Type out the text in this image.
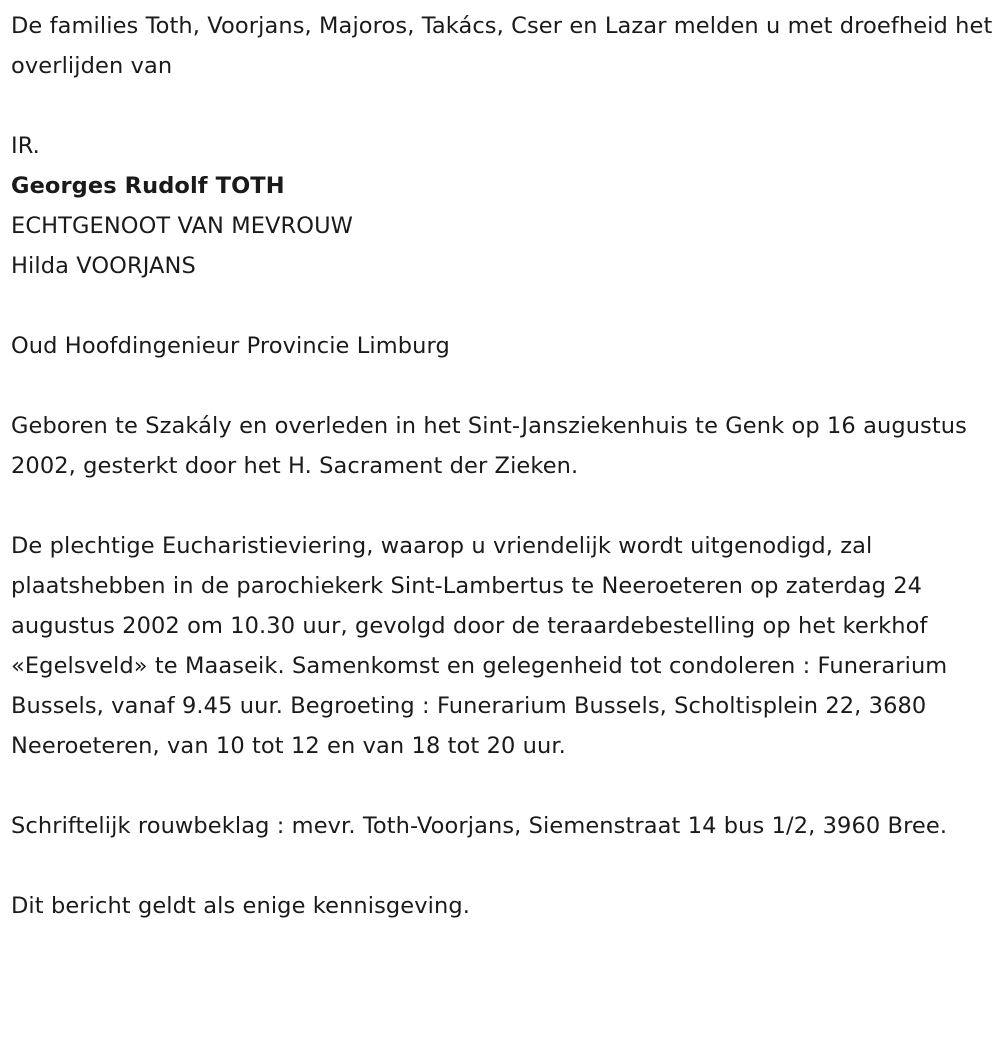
De families Toth, Voorjans, Majoros, Takács, Cser en Lazar melden u met droefheid het overlijden van

IR.

Georges Rudolf TOTH

ECHTGENOOT VAN MEVROUW

Hilda VOORJANS

Oud Hoofdingenieur Provincie Limburg

Geboren te Szakály en overleden in het Sint-Jansziekenhuis te Genk op 16 augustus 2002, gesterkt door het H. Sacrament der Zieken.

De plechtige Eucharistieviering, waarop u vriendelijk wordt uitgenodigd, zal plaatshebben in de parochiekerk Sint-Lambertus te Neeroeteren op zaterdag 24 augustus 2002 om 10.30 uur, gevolgd door de teraardebestelling op het kerkhof «Egelsveld» te Maaseik. Samenkomst en gelegenheid tot condoleren : Funerarium Bussels, vanaf 9.45 uur. Begroeting : Funerarium Bussels, Scholtisplein 22, 3680 Neeroeteren, van 10 tot 12 en van 18 tot 20 uur.

Schriftelijk rouwbeklag : mevr. Toth-Voorjans, Siemenstraat 14 bus 1/2, 3960 Bree.

Dit bericht geldt als enige kennisgeving.
